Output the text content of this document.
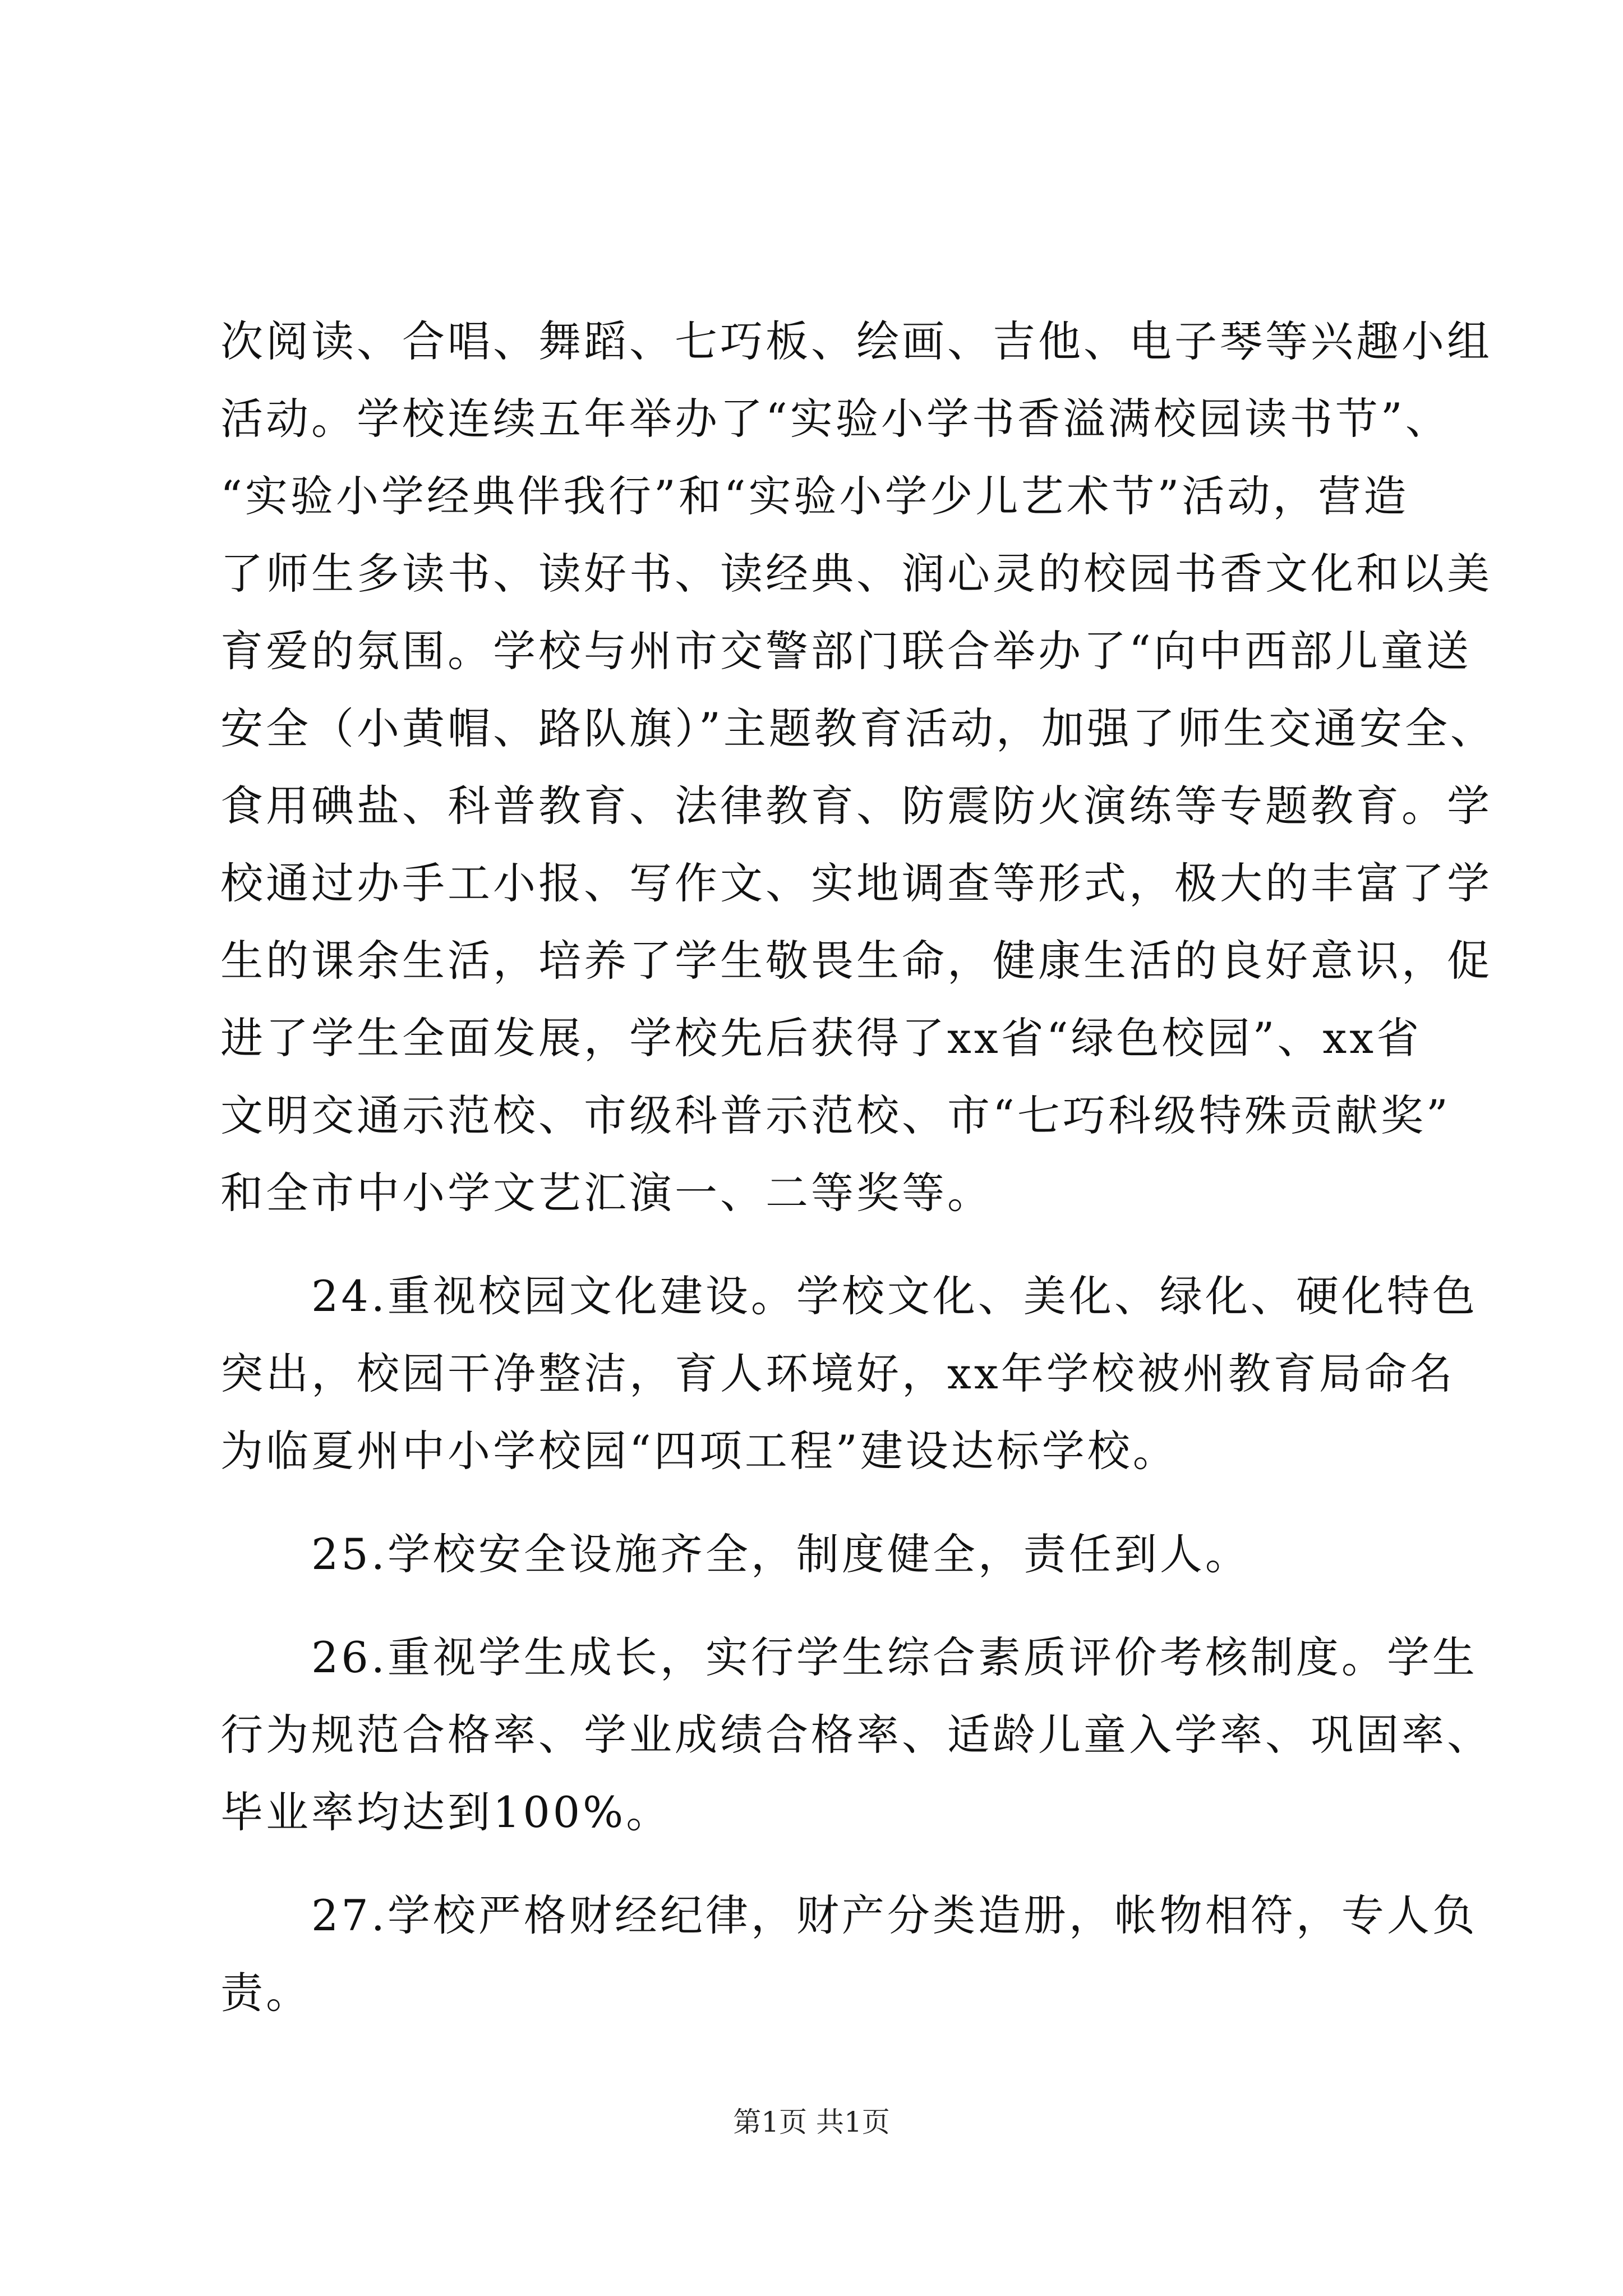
次阅读、合唱、舞蹈、七巧板、绘画、吉他、电子琴等兴趣小组
活动。学校连续五年举办了“实验小学书香溢满校园读书节”、
“实验小学经典伴我行”和“实验小学少儿艺术节”活动，营造
了师生多读书、读好书、读经典、润心灵的校园书香文化和以美
育爱的氛围。学校与州市交警部门联合举办了“向中西部儿童送
安全（小黄帽、路队旗）”主题教育活动，加强了师生交通安全、
食用碘盐、科普教育、法律教育、防震防火演练等专题教育。学
校通过办手工小报、写作文、实地调查等形式，极大的丰富了学
生的课余生活，培养了学生敬畏生命，健康生活的良好意识，促
进了学生全面发展，学校先后获得了xx省“绿色校园”、xx省
文明交通示范校、市级科普示范校、市“七巧科级特殊贡献奖”
和全市中小学文艺汇演一、二等奖等。
　　24.重视校园文化建设。学校文化、美化、绿化、硬化特色
突出，校园干净整洁，育人环境好，xx年学校被州教育局命名
为临夏州中小学校园“四项工程”建设达标学校。
　　25.学校安全设施齐全，制度健全，责任到人。
　　26.重视学生成长，实行学生综合素质评价考核制度。学生
行为规范合格率、学业成绩合格率、适龄儿童入学率、巩固率、
毕业率均达到100%。
　　27.学校严格财经纪律，财产分类造册，帐物相符，专人负
责。
第1页 共1页
